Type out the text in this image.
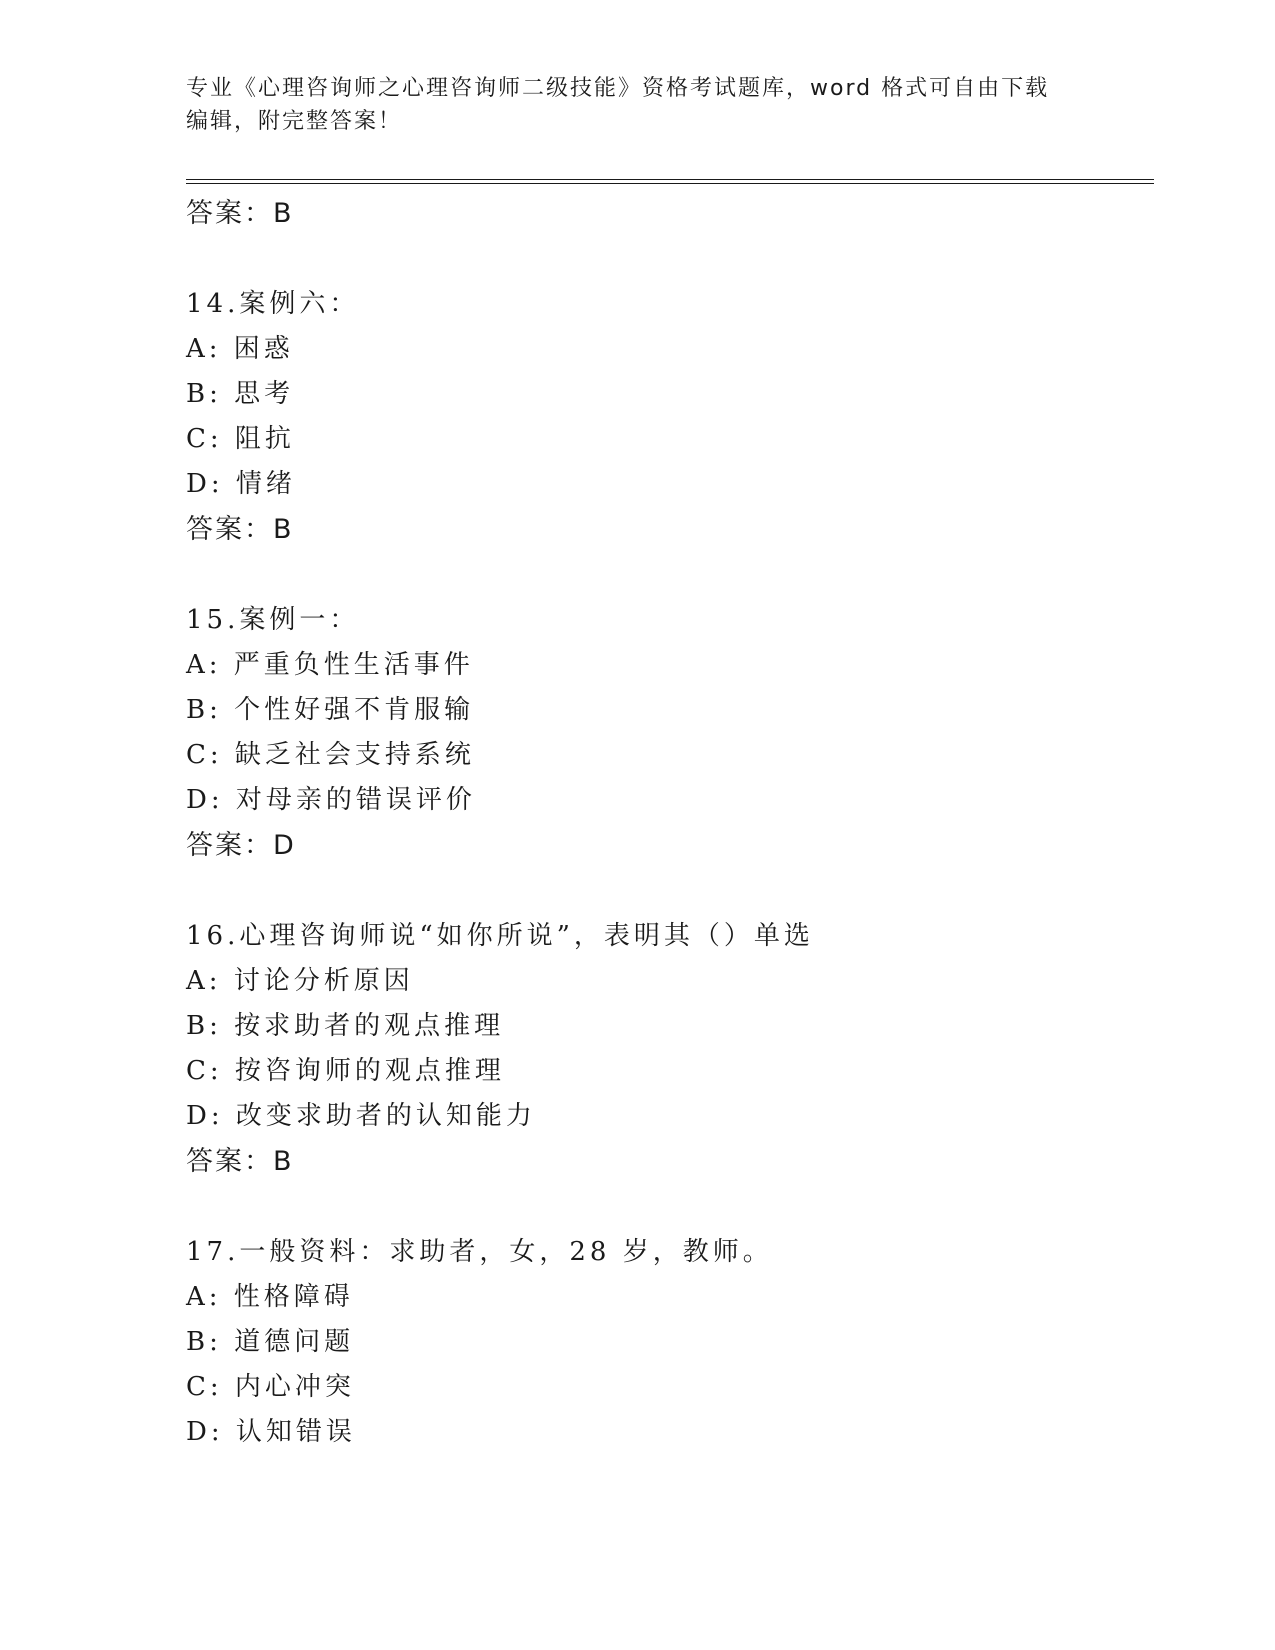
专业《心理咨询师之心理咨询师二级技能》资格考试题库，word 格式可自由下载
编辑，附完整答案！
答案：B
14.案例六：
A: 困惑
B: 思考
C: 阻抗
D: 情绪
答案：B
15.案例一：
A: 严重负性生活事件
B: 个性好强不肯服输
C: 缺乏社会支持系统
D: 对母亲的错误评价
答案：D
16.心理咨询师说“如你所说”，表明其（）单选
A: 讨论分析原因
B: 按求助者的观点推理
C: 按咨询师的观点推理
D: 改变求助者的认知能力
答案：B
17.一般资料：求助者，女，28 岁，教师。
A: 性格障碍
B: 道德问题
C: 内心冲突
D: 认知错误
